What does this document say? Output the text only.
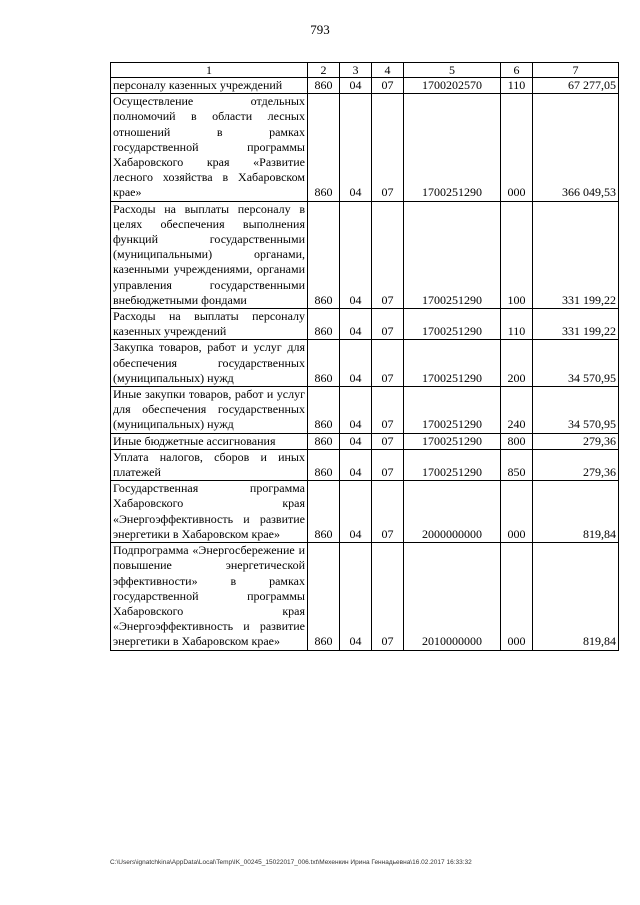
793
1	2	3	4	5	6	7
персоналу казенных учреждений	860	04	07	1700202570	110	67 277,05
Осуществление отдельных полномочий в области лесных отношений в рамках государственной программы Хабаровского края «Развитие лесного хозяйства в Хабаровском крае»	860	04	07	1700251290	000	366 049,53
Расходы на выплаты персоналу в целях обеспечения выполнения функций государственными (муниципальными) органами, казенными учреждениями, органами управления государственными внебюджетными фондами	860	04	07	1700251290	100	331 199,22
Расходы на выплаты персоналу казенных учреждений	860	04	07	1700251290	110	331 199,22
Закупка товаров, работ и услуг для обеспечения государственных (муниципальных) нужд	860	04	07	1700251290	200	34 570,95
Иные закупки товаров, работ и услуг для обеспечения государственных (муниципальных) нужд	860	04	07	1700251290	240	34 570,95
Иные бюджетные ассигнования	860	04	07	1700251290	800	279,36
Уплата налогов, сборов и иных платежей	860	04	07	1700251290	850	279,36
Государственная программа Хабаровского края «Энергоэффективность и развитие энергетики в Хабаровском крае»	860	04	07	2000000000	000	819,84
Подпрограмма «Энергосбережение и повышение энергетической эффективности» в рамках государственной программы Хабаровского края «Энергоэффективность и развитие энергетики в Хабаровском крае»	860	04	07	2010000000	000	819,84
C:\Users\ignatchkina\AppData\Local\Temp\IK_00245_15022017_006.txt\Мехенкин Ирина Геннадьевна\16.02.2017 16:33:32
